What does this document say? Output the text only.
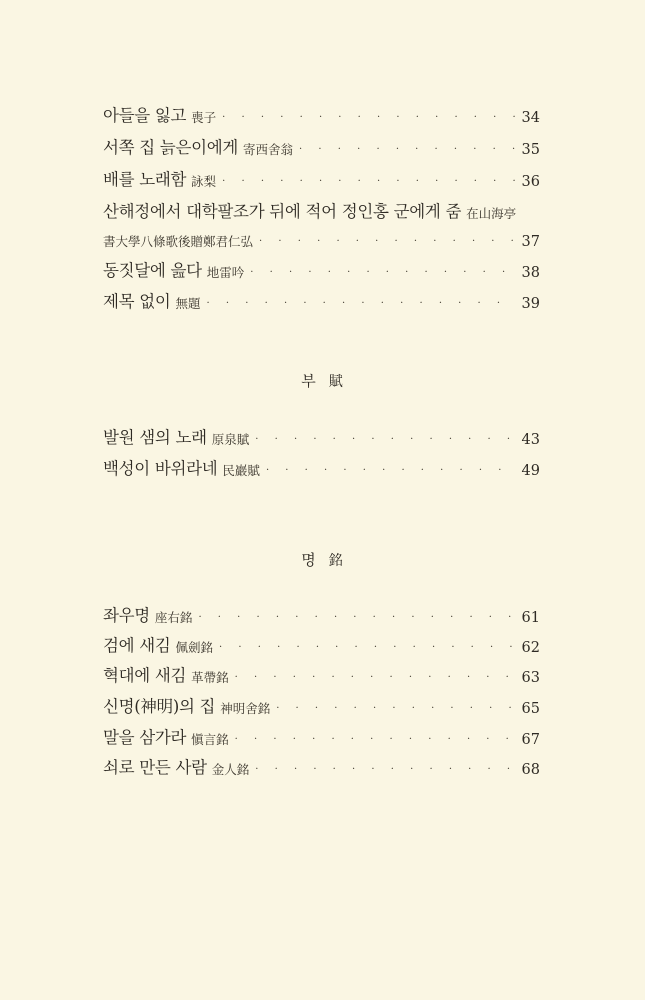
아들을 잃고 喪子 · · ·	34
서쪽 집 늙은이에게 寄西舍翁 · · ·	35
배를 노래함 詠梨 · · ·	36
산해정에서 대학팔조가 뒤에 적어 정인홍 군에게 줌 在山海亭
書大學八條歌後贈鄭君仁弘 · · ·	37
동짓달에 읊다 地雷吟 · · ·	38
제목 없이 無題 · · ·	39
부 賦
발원 샘의 노래 原泉賦 · · ·	43
백성이 바위라네 民巖賦 · · ·	49
명 銘
좌우명 座右銘 · · ·	61
검에 새김 佩劍銘 · · ·	62
혁대에 새김 革帶銘 · · ·	63
신명(神明)의 집 神明舍銘 · · ·	65
말을 삼가라 愼言銘 · · ·	67
쇠로 만든 사람 金人銘 · · ·	68
